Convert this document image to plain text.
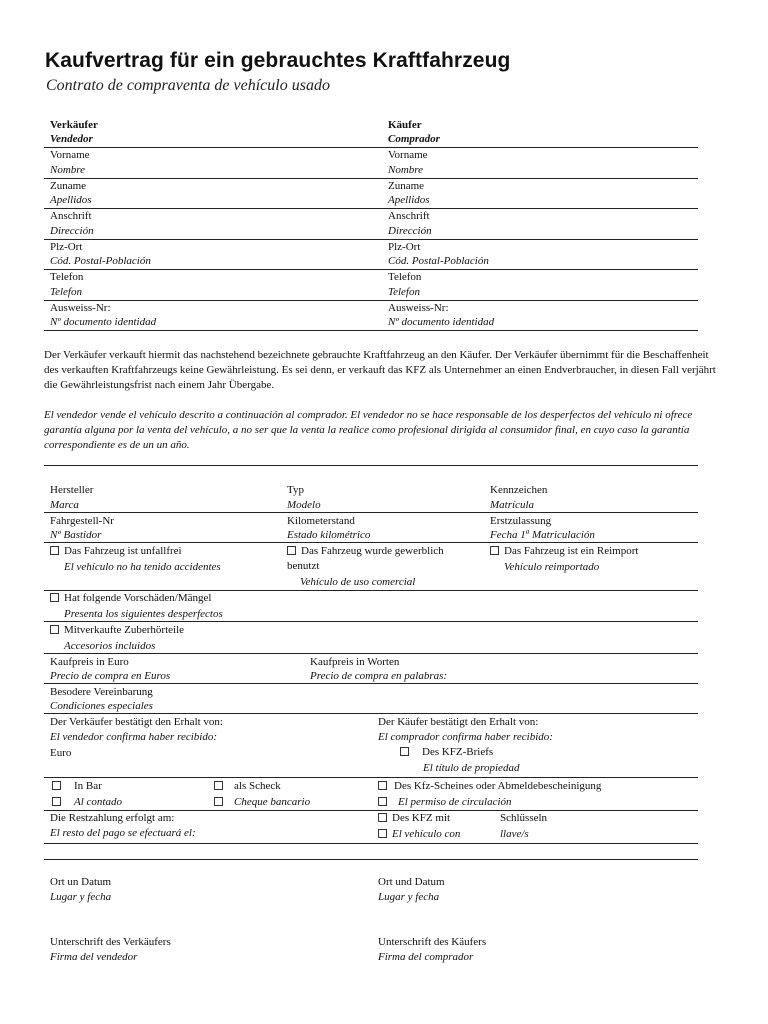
Kaufvertrag für ein gebrauchtes Kraftfahrzeug
Contrato de compraventa de vehículo usado
Verkäufer
Vendedor
Käufer
Comprador
Vorname
Nombre
Vorname
Nombre
Zuname
Apellidos
Zuname
Apellidos
Anschrift
Dirección
Anschrift
Dirección
Plz-Ort
Cód. Postal-Población
Plz-Ort
Cód. Postal-Población
Telefon
Telefon
Telefon
Telefon
Ausweiss-Nr:
Nº documento identidad
Ausweiss-Nr:
Nº documento identidad
Der Verkäufer verkauft hiermit das nachstehend bezeichnete gebrauchte Kraftfahrzeug an den Käufer. Der Verkäufer übernimmt für die Beschaffenheit des verkauften Kraftfahrzeugs keine Gewährleistung. Es sei denn, er verkauft das KFZ als Unternehmer an einen Endverbraucher, in diesen Fall verjährt die Gewährleistungsfrist nach einem Jahr Übergabe.
El vendedor vende el vehículo descrito a continuación al comprador. El vendedor no se hace responsable de los desperfectos del vehículo ni ofrece garantía alguna por la venta del vehículo, a no ser que la venta la realice como profesional dirigida al consumidor final, en cuyo caso la garantía correspondiente es de un un año.
Hersteller
Marca
Typ
Modelo
Kennzeichen
Matrícula
Fahrgestell-Nr
Nº Bastidor
Kilometerstand
Estado kilométrico
Erstzulassung
Fecha 1$^a$ Matriculación
Das Fahrzeug ist unfallfrei
El vehículo no ha tenido accidentes
Das Fahrzeug wurde gewerblich
benutzt
Vehículo de uso comercial
Das Fahrzeug ist ein Reimport
Vehículo reimportado
Hat folgende Vorschäden/Mängel
Presenta los siguientes desperfectos
Mitverkaufte Zuberhörteile
Accesorios incluidos
Kaufpreis in Euro
Precio de compra en Euros
Kaufpreis in Worten
Precio de compra en palabras:
Besodere Vereinbarung
Condiciones especiales
Der Verkäufer bestätigt den Erhalt von:
El vendedor confirma haber recibido:
Euro
Der Käufer bestätigt den Erhalt von:
El comprador confirma haber recibido:
Des KFZ-Briefs
El título de propiedad
In Bar
Al contado
als Scheck
Cheque bancario
Des Kfz-Scheines oder Abmeldebescheinigung
El permiso de circulación
Die Restzahlung erfolgt am:
El resto del pago se efectuará el:
Des KFZ mit
El vehículo con
Schlüsseln
llave/s
Ort un Datum
Lugar y fecha
Ort und Datum
Lugar y fecha
Unterschrift des Verkäufers
Firma del vendedor
Unterschrift des Käufers
Firma del comprador
